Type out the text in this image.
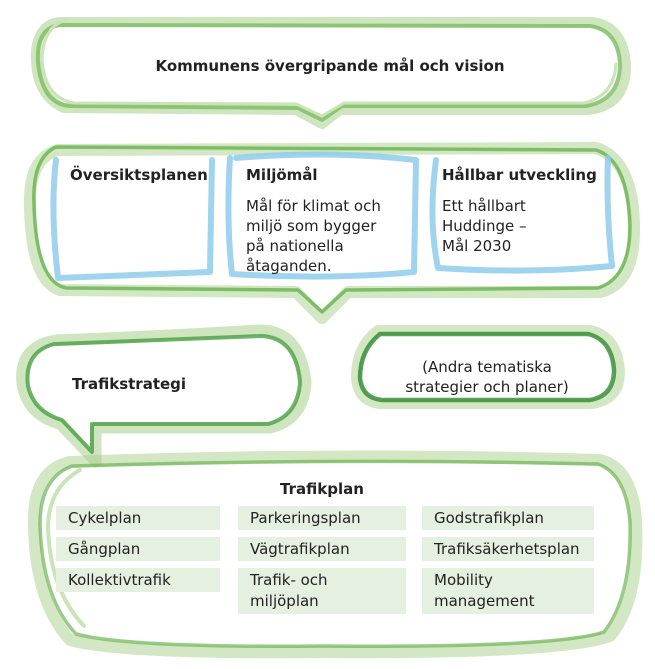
Kommunens övergripande mål och vision
Översiktsplanen	Miljömål
Mål för klimat och
miljö som bygger
på nationella
åtaganden.
Hållbar utveckling
Ett hållbart
Huddinge –
Mål 2030
Trafikstrategi
(Andra tematiska
strategier och planer)
Trafikplan
Cykelplan
Gångplan
Kollektivtrafik
Parkeringsplan
Vägtrafikplan
Trafik- och
miljöplan
Godstrafikplan
Trafiksäkerhetsplan
Mobility
management
